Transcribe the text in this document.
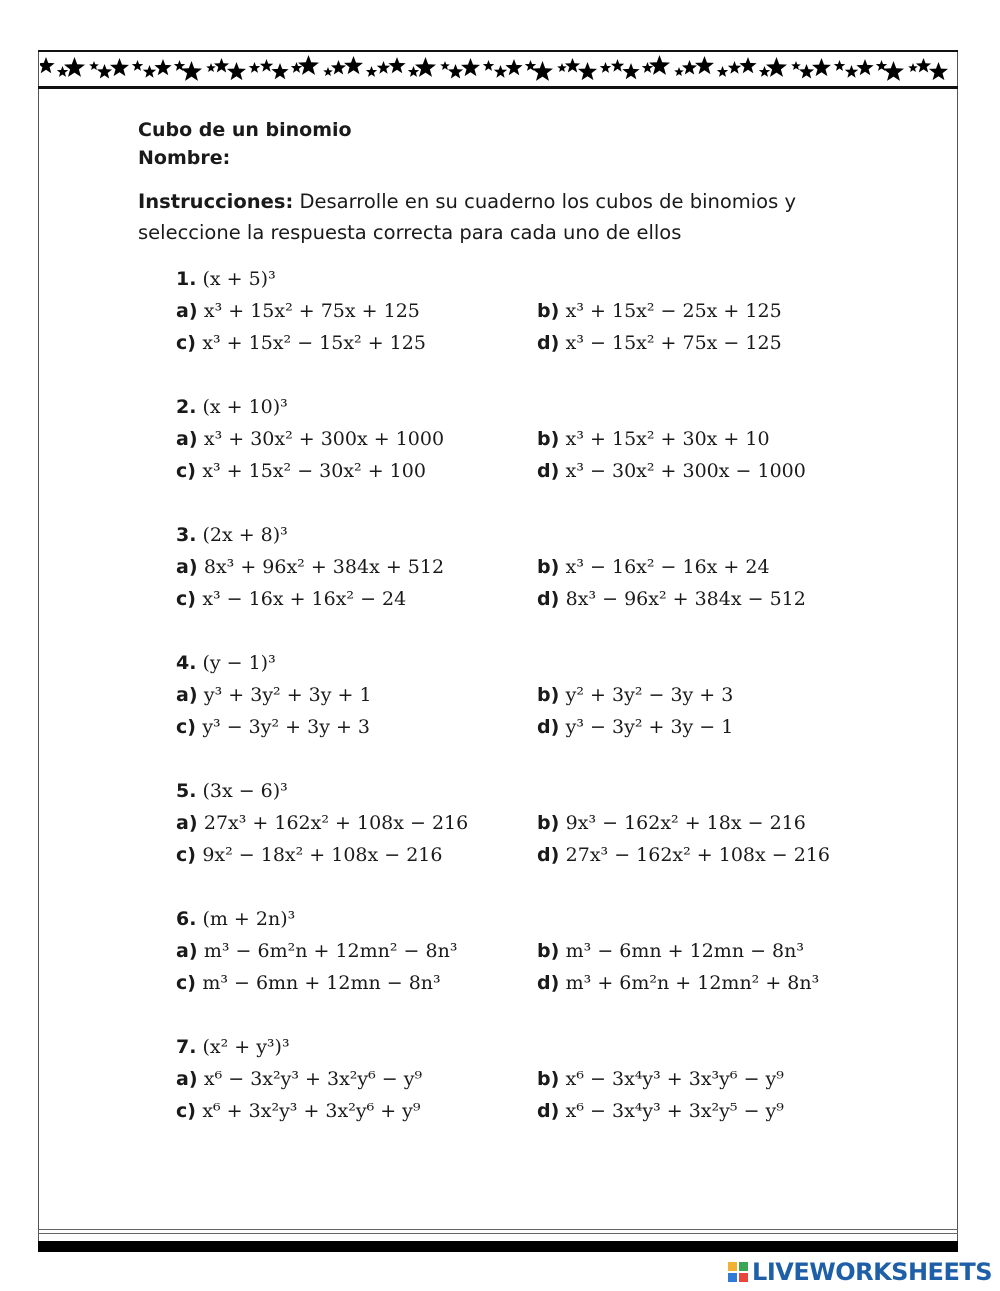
Cubo de un binomio
Nombre:
Instrucciones: Desarrolle en su cuaderno los cubos de binomios y seleccione la respuesta correcta para cada uno de ellos
1. (x + 5)³
a) x³ + 15x² + 75x + 125	b) x³ + 15x² − 25x + 125
c) x³ + 15x² − 15x² + 125	d) x³ − 15x² + 75x − 125
2. (x + 10)³
a) x³ + 30x² + 300x + 1000	b) x³ + 15x² + 30x + 10
c) x³ + 15x² − 30x² + 100	d) x³ − 30x² + 300x − 1000
3. (2x + 8)³
a) 8x³ + 96x² + 384x + 512	b) x³ − 16x² − 16x + 24
c) x³ − 16x + 16x² − 24	d) 8x³ − 96x² + 384x − 512
4. (y − 1)³
a) y³ + 3y² + 3y + 1	b) y² + 3y² − 3y + 3
c) y³ − 3y² + 3y + 3	d) y³ − 3y² + 3y − 1
5. (3x − 6)³
a) 27x³ + 162x² + 108x − 216	b) 9x³ − 162x² + 18x − 216
c) 9x² − 18x² + 108x − 216	d) 27x³ − 162x² + 108x − 216
6. (m + 2n)³
a) m³ − 6m²n + 12mn² − 8n³	b) m³ − 6mn + 12mn − 8n³
c) m³ − 6mn + 12mn − 8n³	d) m³ + 6m²n + 12mn² + 8n³
7. (x² + y³)³
a) x⁶ − 3x²y³ + 3x²y⁶ − y⁹	b) x⁶ − 3x⁴y³ + 3x³y⁶ − y⁹
c) x⁶ + 3x²y³ + 3x²y⁶ + y⁹	d) x⁶ − 3x⁴y³ + 3x²y⁵ − y⁹
LIVEWORKSHEETS
